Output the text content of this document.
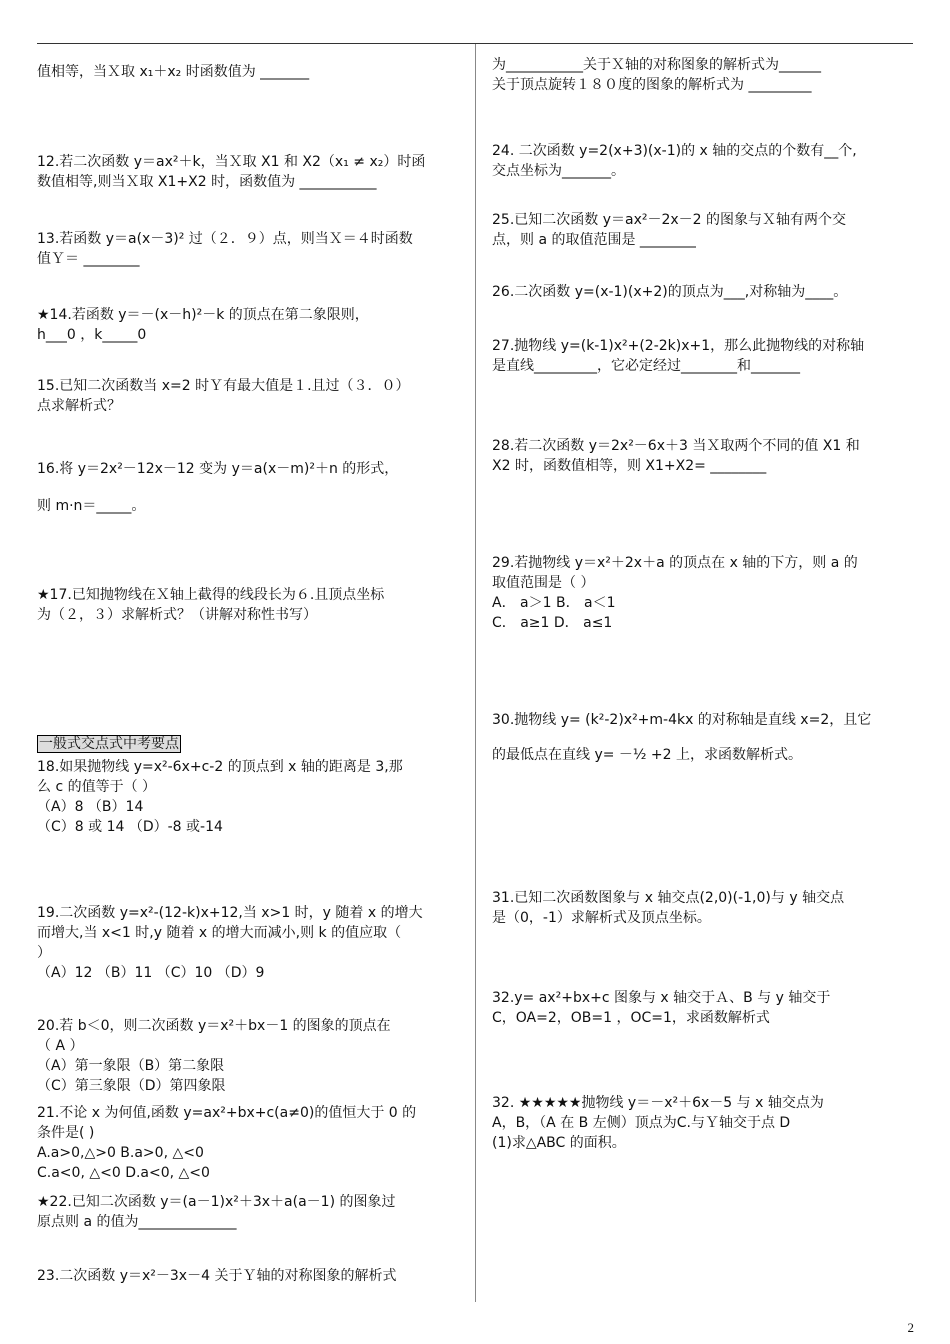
一般式交点式中考要点
值相等，当Ｘ取 x₁＋x₂ 时函数值为 _______
12.若二次函数 y＝ax²＋k，当Ｘ取 X1 和 X2（x₁ ≠ x₂）时函
数值相等,则当Ｘ取 X1+X2 时，函数值为 ___________
13.若函数 y＝a(x－3)² 过（２．９）点，则当Ｘ＝４时函数
值Ｙ＝ ________
★14.若函数 y＝－(x－h)²－k 的顶点在第二象限则，
h___0 ，k_____0
15.已知二次函数当 x=2 时Ｙ有最大值是１.且过（３．０）
点求解析式？
16.将 y＝2x²－12x－12 变为 y＝a(x－m)²＋n 的形式，
则 m·n＝_____。
★17.已知抛物线在Ｘ轴上截得的线段长为６.且顶点坐标
为（２，３）求解析式？（讲解对称性书写）
18.如果抛物线 y=x²-6x+c-2 的顶点到 x 轴的距离是 3,那
么 c 的值等于（ ）
（A）8 （B）14
（C）8 或 14 （D）-8 或-14
19.二次函数 y=x²-(12-k)x+12,当 x>1 时，y 随着 x 的增大
而增大,当 x<1 时,y 随着 x 的增大而减小,则 k 的值应取（
）
（A）12 （B）11 （C）10 （D）9
20.若 b＜0，则二次函数 y＝x²＋bx－1 的图象的顶点在
（ A ）
（A）第一象限（B）第二象限
（C）第三象限（D）第四象限
21.不论 x 为何值,函数 y=ax²+bx+c(a≠0)的值恒大于 0 的
条件是( )
A.a>0,△>0 B.a>0, △<0
C.a<0, △<0 D.a<0, △<0
★22.已知二次函数 y＝(a－1)x²＋3x＋a(a－1) 的图象过
原点则 a 的值为______________
23.二次函数 y＝x²－3x－4 关于Ｙ轴的对称图象的解析式
为___________关于Ｘ轴的对称图象的解析式为______
关于顶点旋转１８０度的图象的解析式为 _________
24. 二次函数 y=2(x+3)(x-1)的 x 轴的交点的个数有__个,
交点坐标为_______。
25.已知二次函数 y＝ax²－2x－2 的图象与Ｘ轴有两个交
点，则 a 的取值范围是 ________
26.二次函数 y=(x-1)(x+2)的顶点为___,对称轴为____。
27.抛物线 y=(k-1)x²+(2-2k)x+1，那么此抛物线的对称轴
是直线_________，它必定经过________和_______
28.若二次函数 y＝2x²－6x＋3 当Ｘ取两个不同的值 X1 和
X2 时，函数值相等，则 X1+X2= ________
29.若抛物线 y＝x²＋2x＋a 的顶点在 x 轴的下方，则 a 的
取值范围是（ ）
A． a＞1 B． a＜1
C． a≥1 D． a≤1
30.抛物线 y= (k²-2)x²+m-4kx 的对称轴是直线 x=2，且它
的最低点在直线 y= －½ +2 上，求函数解析式。
31.已知二次函数图象与 x 轴交点(2,0)(-1,0)与 y 轴交点
是（0，-1）求解析式及顶点坐标。
32.y= ax²+bx+c 图象与 x 轴交于Ａ、B 与 y 轴交于
C，OA=2，OB=1 ，OC=1，求函数解析式
32. ★★★★★抛物线 y＝－x²＋6x－5 与 x 轴交点为
A，B，（A 在 B 左侧）顶点为C.与Ｙ轴交于点 D
(1)求△ABC 的面积。
2
